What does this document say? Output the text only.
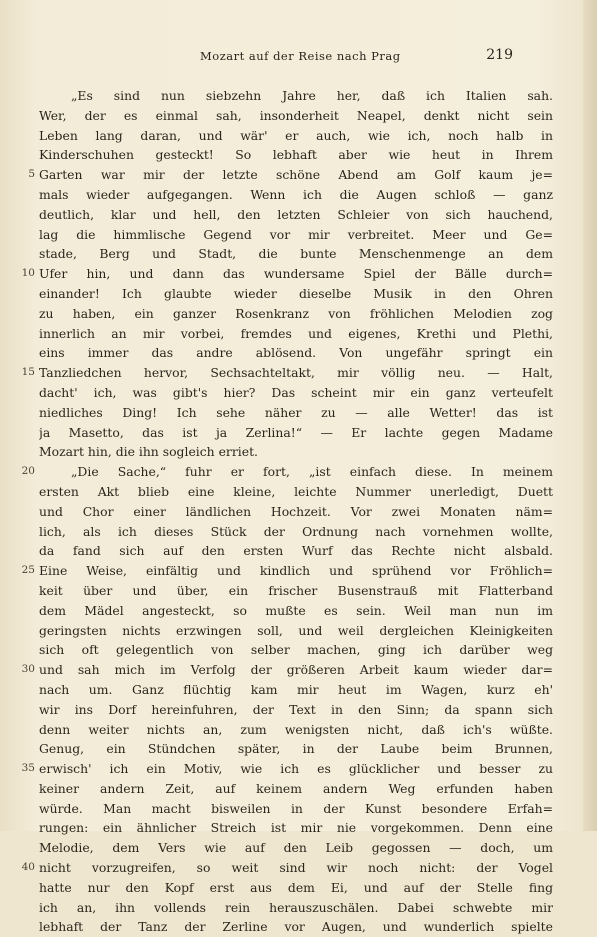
Mozart auf der Reise nach Prag	219
„Es sind nun siebzehn Jahre her, daß ich Italien sah.
Wer, der es einmal sah, insonderheit Neapel, denkt nicht sein
Leben lang daran, und wär' er auch, wie ich, noch halb in
Kinderschuhen gesteckt! So lebhaft aber wie heut in Ihrem
5 Garten war mir der letzte schöne Abend am Golf kaum je=
mals wieder aufgegangen. Wenn ich die Augen schloß — ganz
deutlich, klar und hell, den letzten Schleier von sich hauchend,
lag die himmlische Gegend vor mir verbreitet. Meer und Ge=
stade, Berg und Stadt, die bunte Menschenmenge an dem
10 Ufer hin, und dann das wundersame Spiel der Bälle durch=
einander! Ich glaubte wieder dieselbe Musik in den Ohren
zu haben, ein ganzer Rosenkranz von fröhlichen Melodien zog
innerlich an mir vorbei, fremdes und eigenes, Krethi und Plethi,
eins immer das andre ablösend. Von ungefähr springt ein
15 Tanzliedchen hervor, Sechsachteltakt, mir völlig neu. — Halt,
dacht' ich, was gibt's hier? Das scheint mir ein ganz verteufelt
niedliches Ding! Ich sehe näher zu — alle Wetter! das ist
ja Masetto, das ist ja Zerlina!“ — Er lachte gegen Madame
Mozart hin, die ihn sogleich erriet.
20	„Die Sache,“ fuhr er fort, „ist einfach diese. In meinem
ersten Akt blieb eine kleine, leichte Nummer unerledigt, Duett
und Chor einer ländlichen Hochzeit. Vor zwei Monaten näm=
lich, als ich dieses Stück der Ordnung nach vornehmen wollte,
da fand sich auf den ersten Wurf das Rechte nicht alsbald.
25 Eine Weise, einfältig und kindlich und sprühend vor Fröhlich=
keit über und über, ein frischer Busenstrauß mit Flatterband
dem Mädel angesteckt, so mußte es sein. Weil man nun im
geringsten nichts erzwingen soll, und weil dergleichen Kleinigkeiten
sich oft gelegentlich von selber machen, ging ich darüber weg
30 und sah mich im Verfolg der größeren Arbeit kaum wieder dar=
nach um. Ganz flüchtig kam mir heut im Wagen, kurz eh'
wir ins Dorf hereinfuhren, der Text in den Sinn; da spann sich
denn weiter nichts an, zum wenigsten nicht, daß ich's wüßte.
Genug, ein Stündchen später, in der Laube beim Brunnen,
35 erwisch' ich ein Motiv, wie ich es glücklicher und besser zu
keiner andern Zeit, auf keinem andern Weg erfunden haben
würde. Man macht bisweilen in der Kunst besondere Erfah=
rungen: ein ähnlicher Streich ist mir nie vorgekommen. Denn eine
Melodie, dem Vers wie auf den Leib gegossen — doch, um
40 nicht vorzugreifen, so weit sind wir noch nicht: der Vogel
hatte nur den Kopf erst aus dem Ei, und auf der Stelle fing
ich an, ihn vollends rein herauszuschälen. Dabei schwebte mir
lebhaft der Tanz der Zerline vor Augen, und wunderlich spielte
